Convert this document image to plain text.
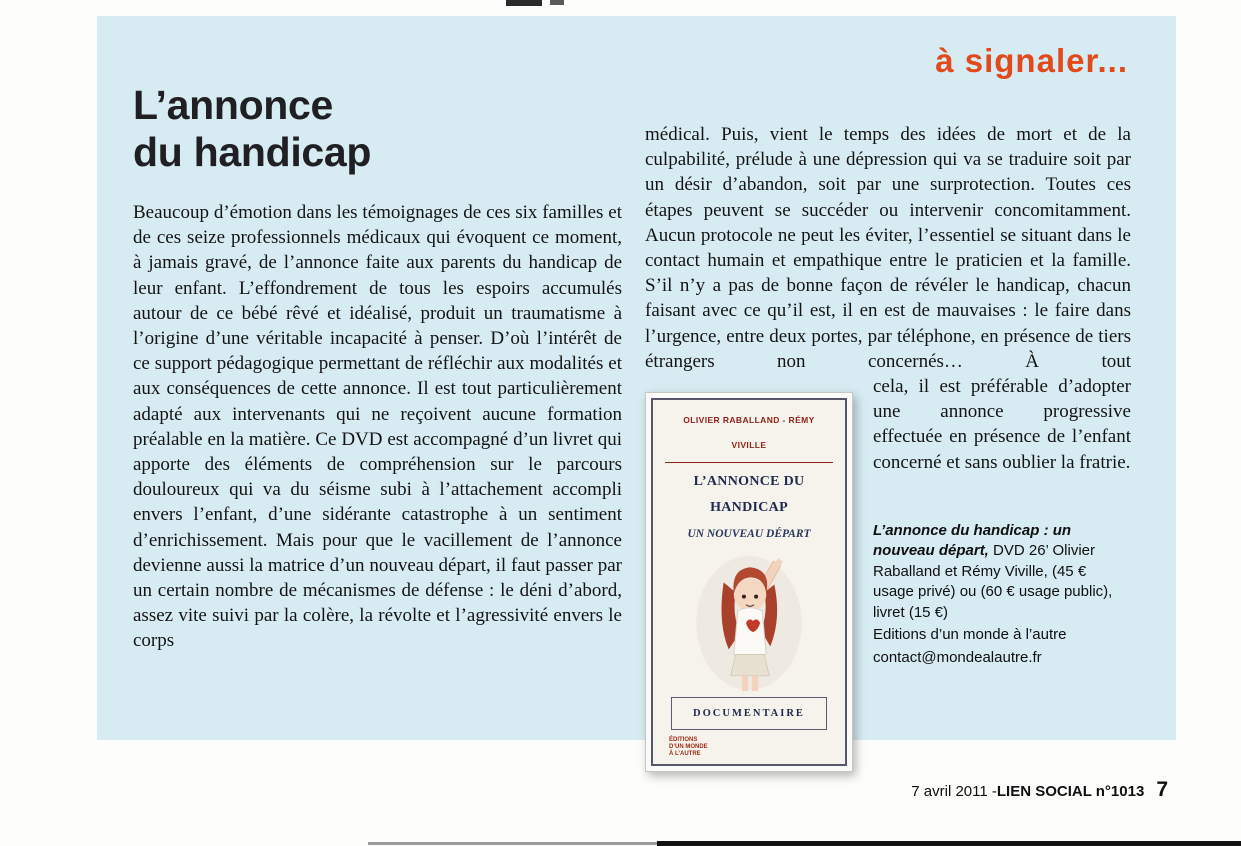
à signaler...
L’annonce
du handicap
Beaucoup d’émotion dans les témoignages de ces six familles et de ces seize professionnels médicaux qui évoquent ce moment, à jamais gravé, de l’annonce faite aux parents du handicap de leur enfant. L’effondrement de tous les espoirs accumulés autour de ce bébé rêvé et idéalisé, produit un traumatisme à l’origine d’une véritable incapacité à penser. D’où l’intérêt de ce support pédagogique permettant de réfléchir aux modalités et aux conséquences de cette annonce. Il est tout particulièrement adapté aux intervenants qui ne reçoivent aucune formation préalable en la matière. Ce DVD est accompagné d’un livret qui apporte des éléments de compréhension sur le parcours douloureux qui va du séisme subi à l’attachement accompli envers l’enfant, d’une sidérante catastrophe à un sentiment d’enrichissement. Mais pour que le vacillement de l’annonce devienne aussi la matrice d’un nouveau départ, il faut passer par un certain nombre de mécanismes de défense : le déni d’abord, assez vite suivi par la colère, la révolte et l’agressivité envers le corps

médical. Puis, vient le temps des idées de mort et de la culpabilité, prélude à une dépression qui va se traduire soit par un désir d’abandon, soit par une surprotection. Toutes ces étapes peuvent se succéder ou intervenir concomitamment. Aucun protocole ne peut les éviter, l’essentiel se situant dans le contact humain et empathique entre le praticien et la famille. S’il n’y a pas de bonne façon de révéler le handicap, chacun faisant avec ce qu’il est, il en est de mauvaises : le faire dans l’urgence, entre deux portes, par téléphone, en présence de tiers étrangers non concernés… À tout

OLIVIER RABALLAND - RÉMY VIVILLE
L’ANNONCE DU HANDICAP
UN NOUVEAU DÉPART
DOCUMENTAIRE
ÉDITIONS
D’UN MONDE
À L’AUTRE

cela, il est préférable d’adopter une annonce progressive effectuée en présence de l’enfant concerné et sans oublier la fratrie.

L’annonce du handicap : un nouveau départ, DVD 26’ Olivier Raballand et Rémy Viville, (45 € usage privé) ou (60 € usage public), livret (15 €)
Editions d’un monde à l’autre
contact@mondealautre.fr
7 avril 2011 - LIEN SOCIAL n°1013 7
